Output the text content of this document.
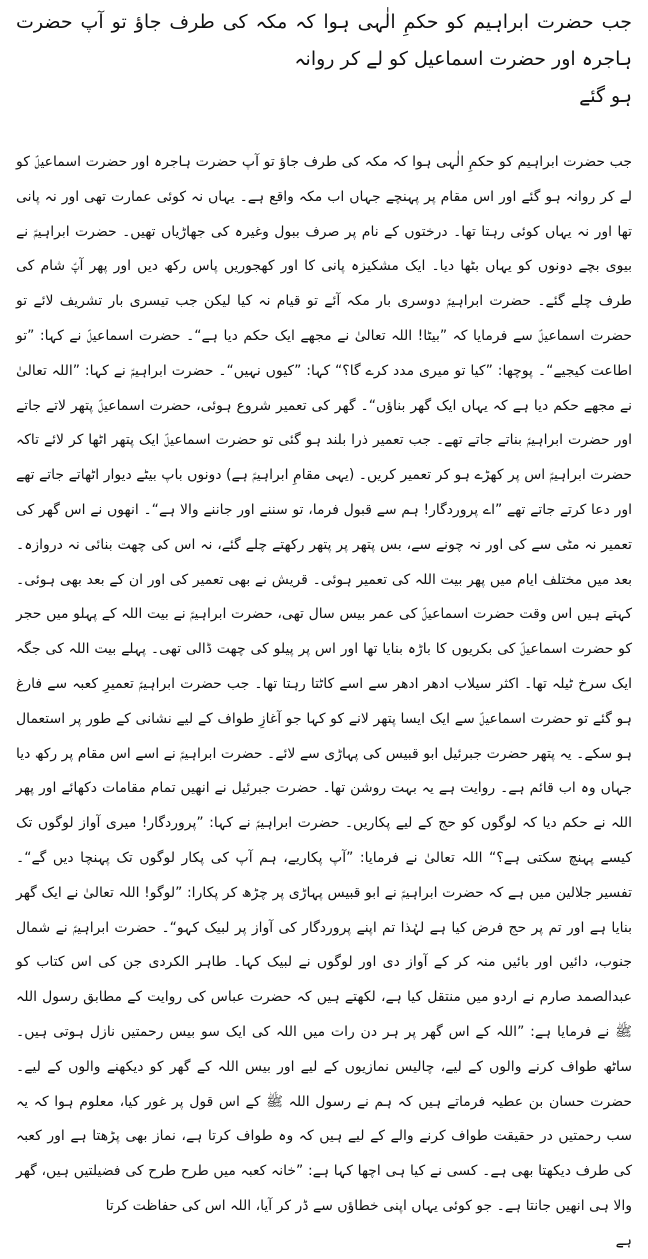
جب حضرت ابراہیم کو حکمِ الٰہی ہوا کہ مکہ کی طرف جاؤ تو آپ حضرت ہاجرہ اور حضرت اسماعیل کو لے کر روانہ
ہو گئے

جب حضرت ابراہیم کو حکمِ الٰہی ہوا کہ مکہ کی طرف جاؤ تو آپ حضرت ہاجرہ اور حضرت اسماعیلؑ کو لے کر روانہ ہو گئے اور اس مقام پر پہنچے جہاں اب مکہ واقع ہے۔ یہاں نہ کوئی عمارت تھی اور نہ پانی تھا اور نہ یہاں کوئی رہتا تھا۔ درختوں کے نام پر صرف ببول وغیرہ کی جھاڑیاں تھیں۔ حضرت ابراہیمؑ نے بیوی بچے دونوں کو یہاں بٹھا دیا۔ ایک مشکیزہ پانی کا اور کھجوریں پاس رکھ دیں اور پھر آپؑ شام کی طرف چلے گئے۔ حضرت ابراہیمؑ دوسری بار مکہ آئے تو قیام نہ کیا لیکن جب تیسری بار تشریف لائے تو حضرت اسماعیلؑ سے فرمایا کہ ”بیٹا! اللہ تعالیٰ نے مجھے ایک حکم دیا ہے“۔ حضرت اسماعیلؑ نے کہا: ”تو اطاعت کیجیے“۔ پوچھا: ”کیا تو میری مدد کرے گا؟“ کہا: ”کیوں نہیں“۔ حضرت ابراہیمؑ نے کہا: ”اللہ تعالیٰ نے مجھے حکم دیا ہے کہ یہاں ایک گھر بناؤں“۔ گھر کی تعمیر شروع ہوئی، حضرت اسماعیلؑ پتھر لاتے جاتے اور حضرت ابراہیمؑ بناتے جاتے تھے۔ جب تعمیر ذرا بلند ہو گئی تو حضرت اسماعیلؑ ایک پتھر اٹھا کر لائے تاکہ حضرت ابراہیمؑ اس پر کھڑے ہو کر تعمیر کریں۔ (یہی مقامِ ابراہیمؑ ہے) دونوں باپ بیٹے دیوار اٹھاتے جاتے تھے اور دعا کرتے جاتے تھے ”اے پروردگار! ہم سے قبول فرما، تو سننے اور جاننے والا ہے“۔ انھوں نے اس گھر کی تعمیر نہ مٹی سے کی اور نہ چونے سے، بس پتھر پر پتھر رکھتے چلے گئے، نہ اس کی چھت بنائی نہ دروازہ۔ بعد میں مختلف ایام میں پھر بیت اللہ کی تعمیر ہوئی۔ قریش نے بھی تعمیر کی اور ان کے بعد بھی ہوئی۔ کہتے ہیں اس وقت حضرت اسماعیلؑ کی عمر بیس سال تھی، حضرت ابراہیمؑ نے بیت اللہ کے پہلو میں حجر کو حضرت اسماعیلؑ کی بکریوں کا باڑہ بنایا تھا اور اس پر پیلو کی چھت ڈالی تھی۔ پہلے بیت اللہ کی جگہ ایک سرخ ٹیلہ تھا۔ اکثر سیلاب ادھر ادھر سے اسے کاٹتا رہتا تھا۔ جب حضرت ابراہیمؑ تعمیرِ کعبہ سے فارغ ہو گئے تو حضرت اسماعیلؑ سے ایک ایسا پتھر لانے کو کہا جو آغازِ طواف کے لیے نشانی کے طور پر استعمال ہو سکے۔ یہ پتھر حضرت جبرئیل ابو قبیس کی پہاڑی سے لائے۔ حضرت ابراہیمؑ نے اسے اس مقام پر رکھ دیا جہاں وہ اب قائم ہے۔ روایت ہے یہ بہت روشن تھا۔ حضرت جبرئیل نے انھیں تمام مقامات دکھائے اور پھر اللہ نے حکم دیا کہ لوگوں کو حج کے لیے پکاریں۔ حضرت ابراہیمؑ نے کہا: ”پروردگار! میری آواز لوگوں تک کیسے پہنچ سکتی ہے؟“ اللہ تعالیٰ نے فرمایا: ”آپ پکاریے، ہم آپ کی پکار لوگوں تک پہنچا دیں گے“۔ تفسیر جلالین میں ہے کہ حضرت ابراہیمؑ نے ابو قبیس پہاڑی پر چڑھ کر پکارا: ”لوگو! اللہ تعالیٰ نے ایک گھر بنایا ہے اور تم پر حج فرض کیا ہے لہٰذا تم اپنے پروردگار کی آواز پر لبیک کہو“۔ حضرت ابراہیمؑ نے شمال جنوب، دائیں اور بائیں منہ کر کے آواز دی اور لوگوں نے لبیک کہا۔ طاہر الکردی جن کی اس کتاب کو عبدالصمد صارم نے اردو میں منتقل کیا ہے، لکھتے ہیں کہ حضرت عباس کی روایت کے مطابق رسول اللہ ﷺ نے فرمایا ہے: ”اللہ کے اس گھر پر ہر دن رات میں اللہ کی ایک سو بیس رحمتیں نازل ہوتی ہیں۔ ساٹھ طواف کرنے والوں کے لیے، چالیس نمازیوں کے لیے اور بیس اللہ کے گھر کو دیکھنے والوں کے لیے۔ حضرت حسان بن عطیہ فرماتے ہیں کہ ہم نے رسول اللہ ﷺ کے اس قول پر غور کیا، معلوم ہوا کہ یہ سب رحمتیں در حقیقت طواف کرنے والے کے لیے ہیں کہ وہ طواف کرتا ہے، نماز بھی پڑھتا ہے اور کعبہ کی طرف دیکھتا بھی ہے۔ کسی نے کیا ہی اچھا کہا ہے: ”خانہ کعبہ میں طرح طرح کی فضیلتیں ہیں، گھر والا ہی انھیں جانتا ہے۔ جو کوئی یہاں اپنی خطاؤں سے ڈر کر آیا، اللہ اس کی حفاظت کرتا

ہے
